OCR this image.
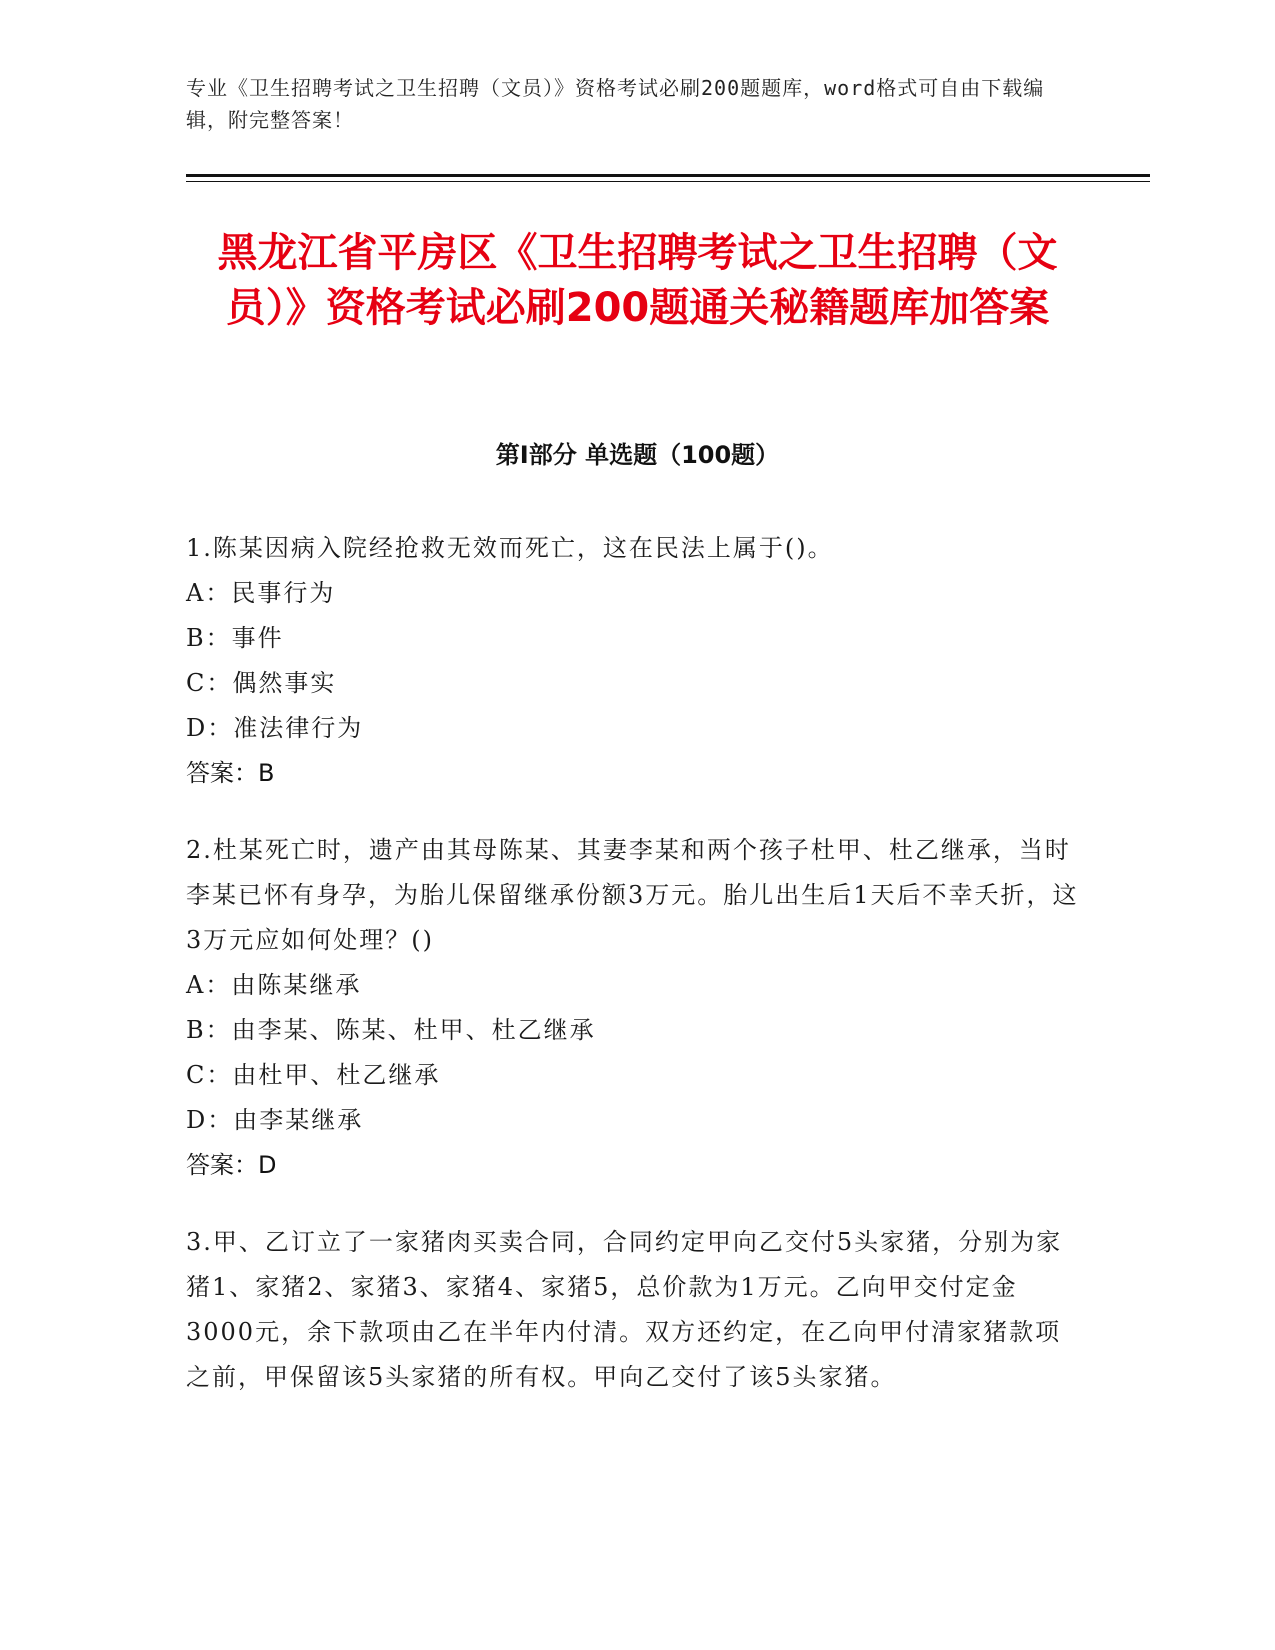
专业《卫生招聘考试之卫生招聘（文员）》资格考试必刷200题题库，word格式可自由下载编辑，附完整答案！
黑龙江省平房区《卫生招聘考试之卫生招聘（文员）》资格考试必刷200题通关秘籍题库加答案
第I部分 单选题（100题）
1.陈某因病入院经抢救无效而死亡，这在民法上属于()。
A：民事行为
B：事件
C：偶然事实
D：准法律行为
答案：B
2.杜某死亡时，遗产由其母陈某、其妻李某和两个孩子杜甲、杜乙继承，当时李某已怀有身孕，为胎儿保留继承份额3万元。胎儿出生后1天后不幸夭折，这3万元应如何处理？()
A：由陈某继承
B：由李某、陈某、杜甲、杜乙继承
C：由杜甲、杜乙继承
D：由李某继承
答案：D
3.甲、乙订立了一家猪肉买卖合同，合同约定甲向乙交付5头家猪，分别为家猪1、家猪2、家猪3、家猪4、家猪5，总价款为1万元。乙向甲交付定金3000元，余下款项由乙在半年内付清。双方还约定，在乙向甲付清家猪款项之前，甲保留该5头家猪的所有权。甲向乙交付了该5头家猪。
